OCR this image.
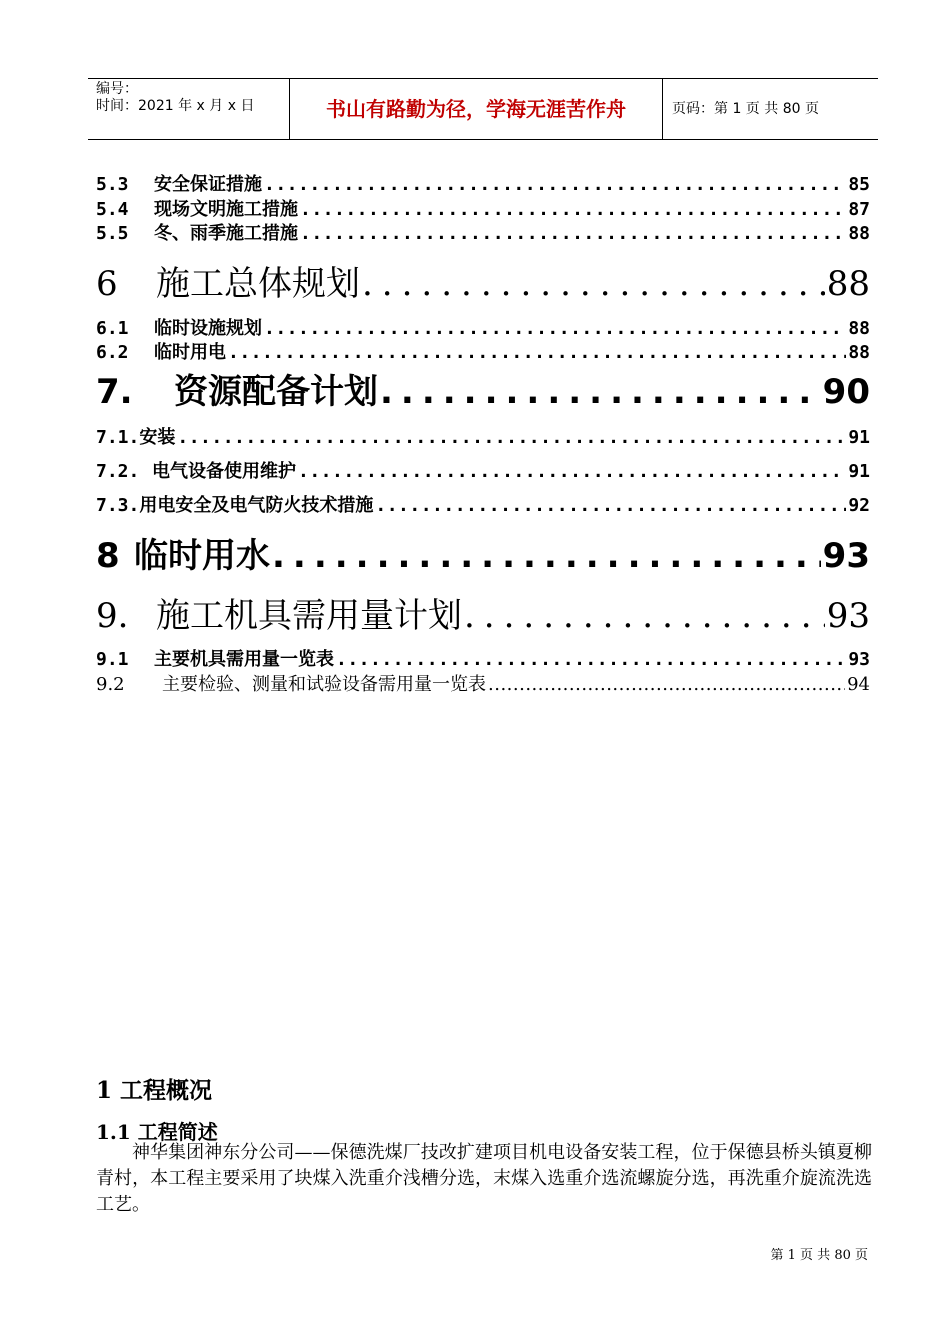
编号：
时间：2021 年 x 月 x 日	书山有路勤为径，学海无涯苦作舟	页码：第 1 页 共 80 页
5.3	安全保证措施 .....	85
5.4	现场文明施工措施 .....	87
5.5	冬、雨季施工措施 .....	88
6	施工总体规划 .....	88
6.1	临时设施规划 .....	88
6.2	临时用电 .....	88
7.	资源配备计划 .....	90
7.1. 安装 .....	91
7.2. 电气设备使用维护 .....	91
7.3. 用电安全及电气防火技术措施 .....	92
8 临时用水 .....	93
9. 施工机具需用量计划 .....	93
9.1	主要机具需用量一览表 .....	93
9.2	主要检验、测量和试验设备需用量一览表 .....	94
1 工程概况
1.1 工程简述
神华集团神东分公司——保德洗煤厂技改扩建项目机电设备安装工程，位于保德县桥头镇夏柳青村，本工程主要采用了块煤入洗重介浅槽分选，末煤入选重介选流螺旋分选，再洗重介旋流洗选工艺。
第 1 页 共 80 页
